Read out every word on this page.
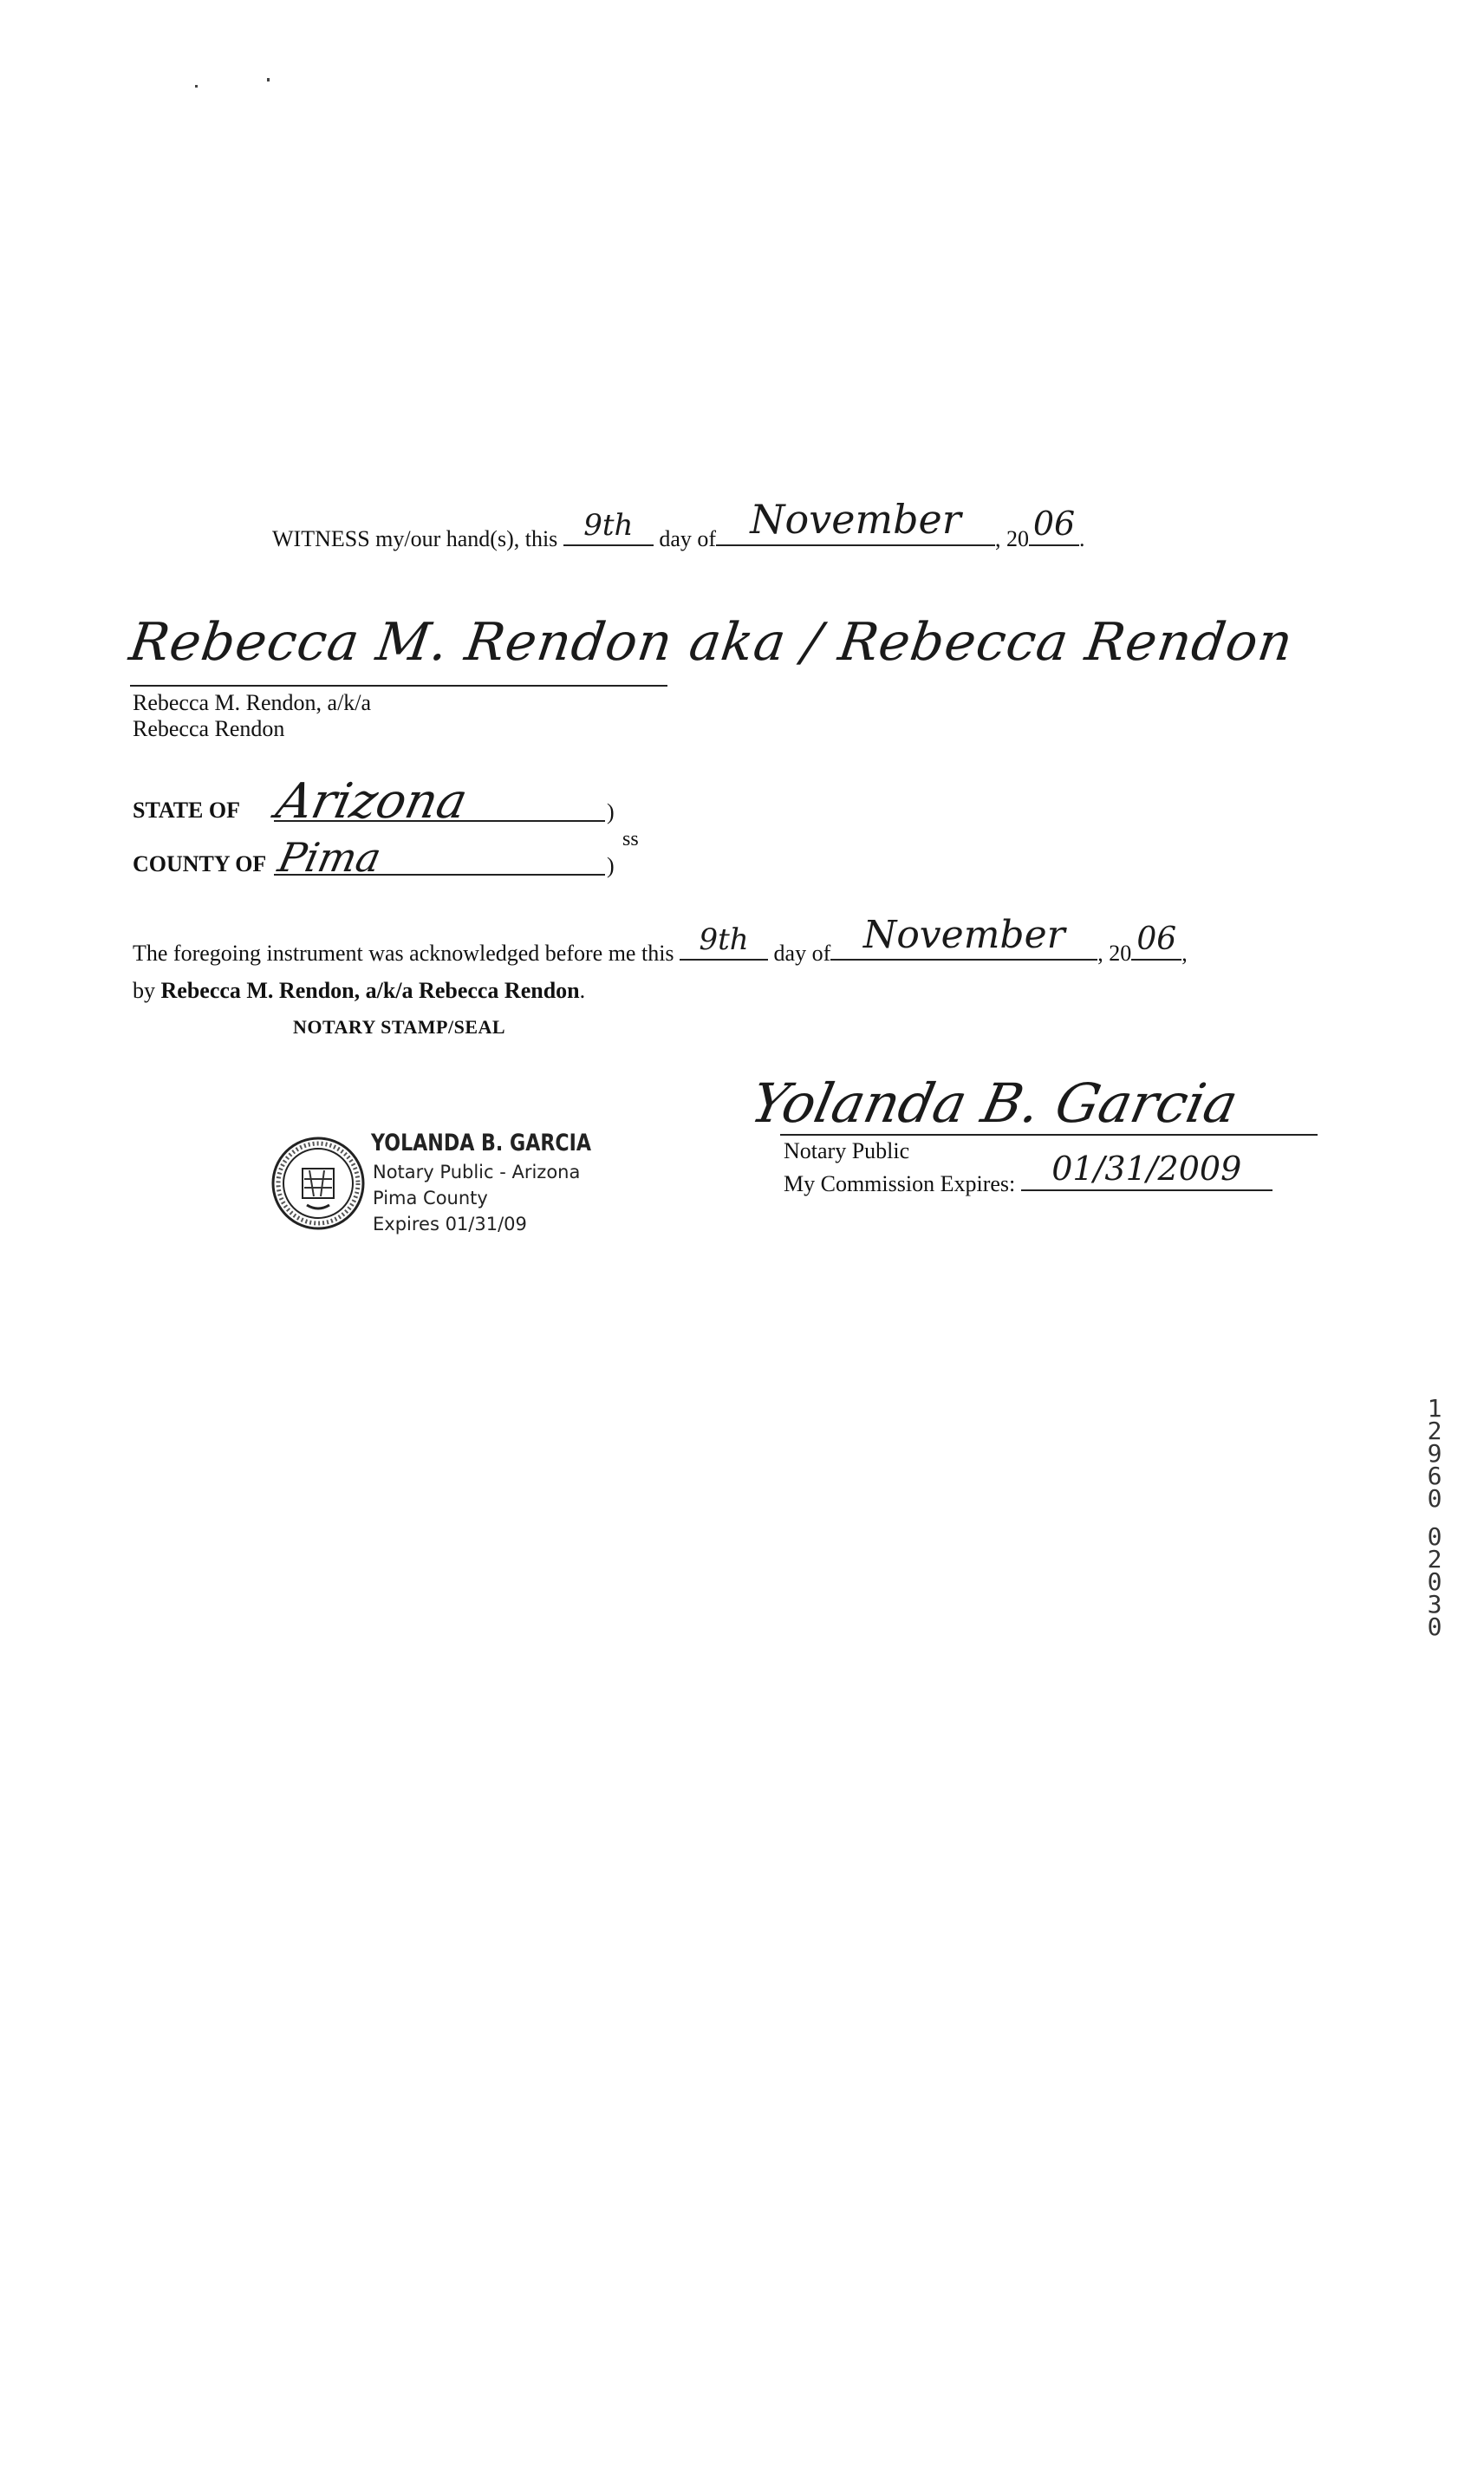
WITNESS my/our hand(s), this 9th	day of November	, 20 06 .
Rebecca M. Rendon aka / Rebecca Rendon
Rebecca M. Rendon, a/k/a
Rebecca Rendon
STATE OF Arizona	)
ss
COUNTY OF Pima	)
The foregoing instrument was acknowledged before me this 9th	day of November	, 20 06 ,
by Rebecca M. Rendon, a/k/a Rebecca Rendon.
NOTARY STAMP/SEAL
YOLANDA B. GARCIA
Notary Public - Arizona
Pima County
Expires 01/31/09
Yolanda B. Garcia
Notary Public
My Commission Expires:	01/31/2009
12960
02030
